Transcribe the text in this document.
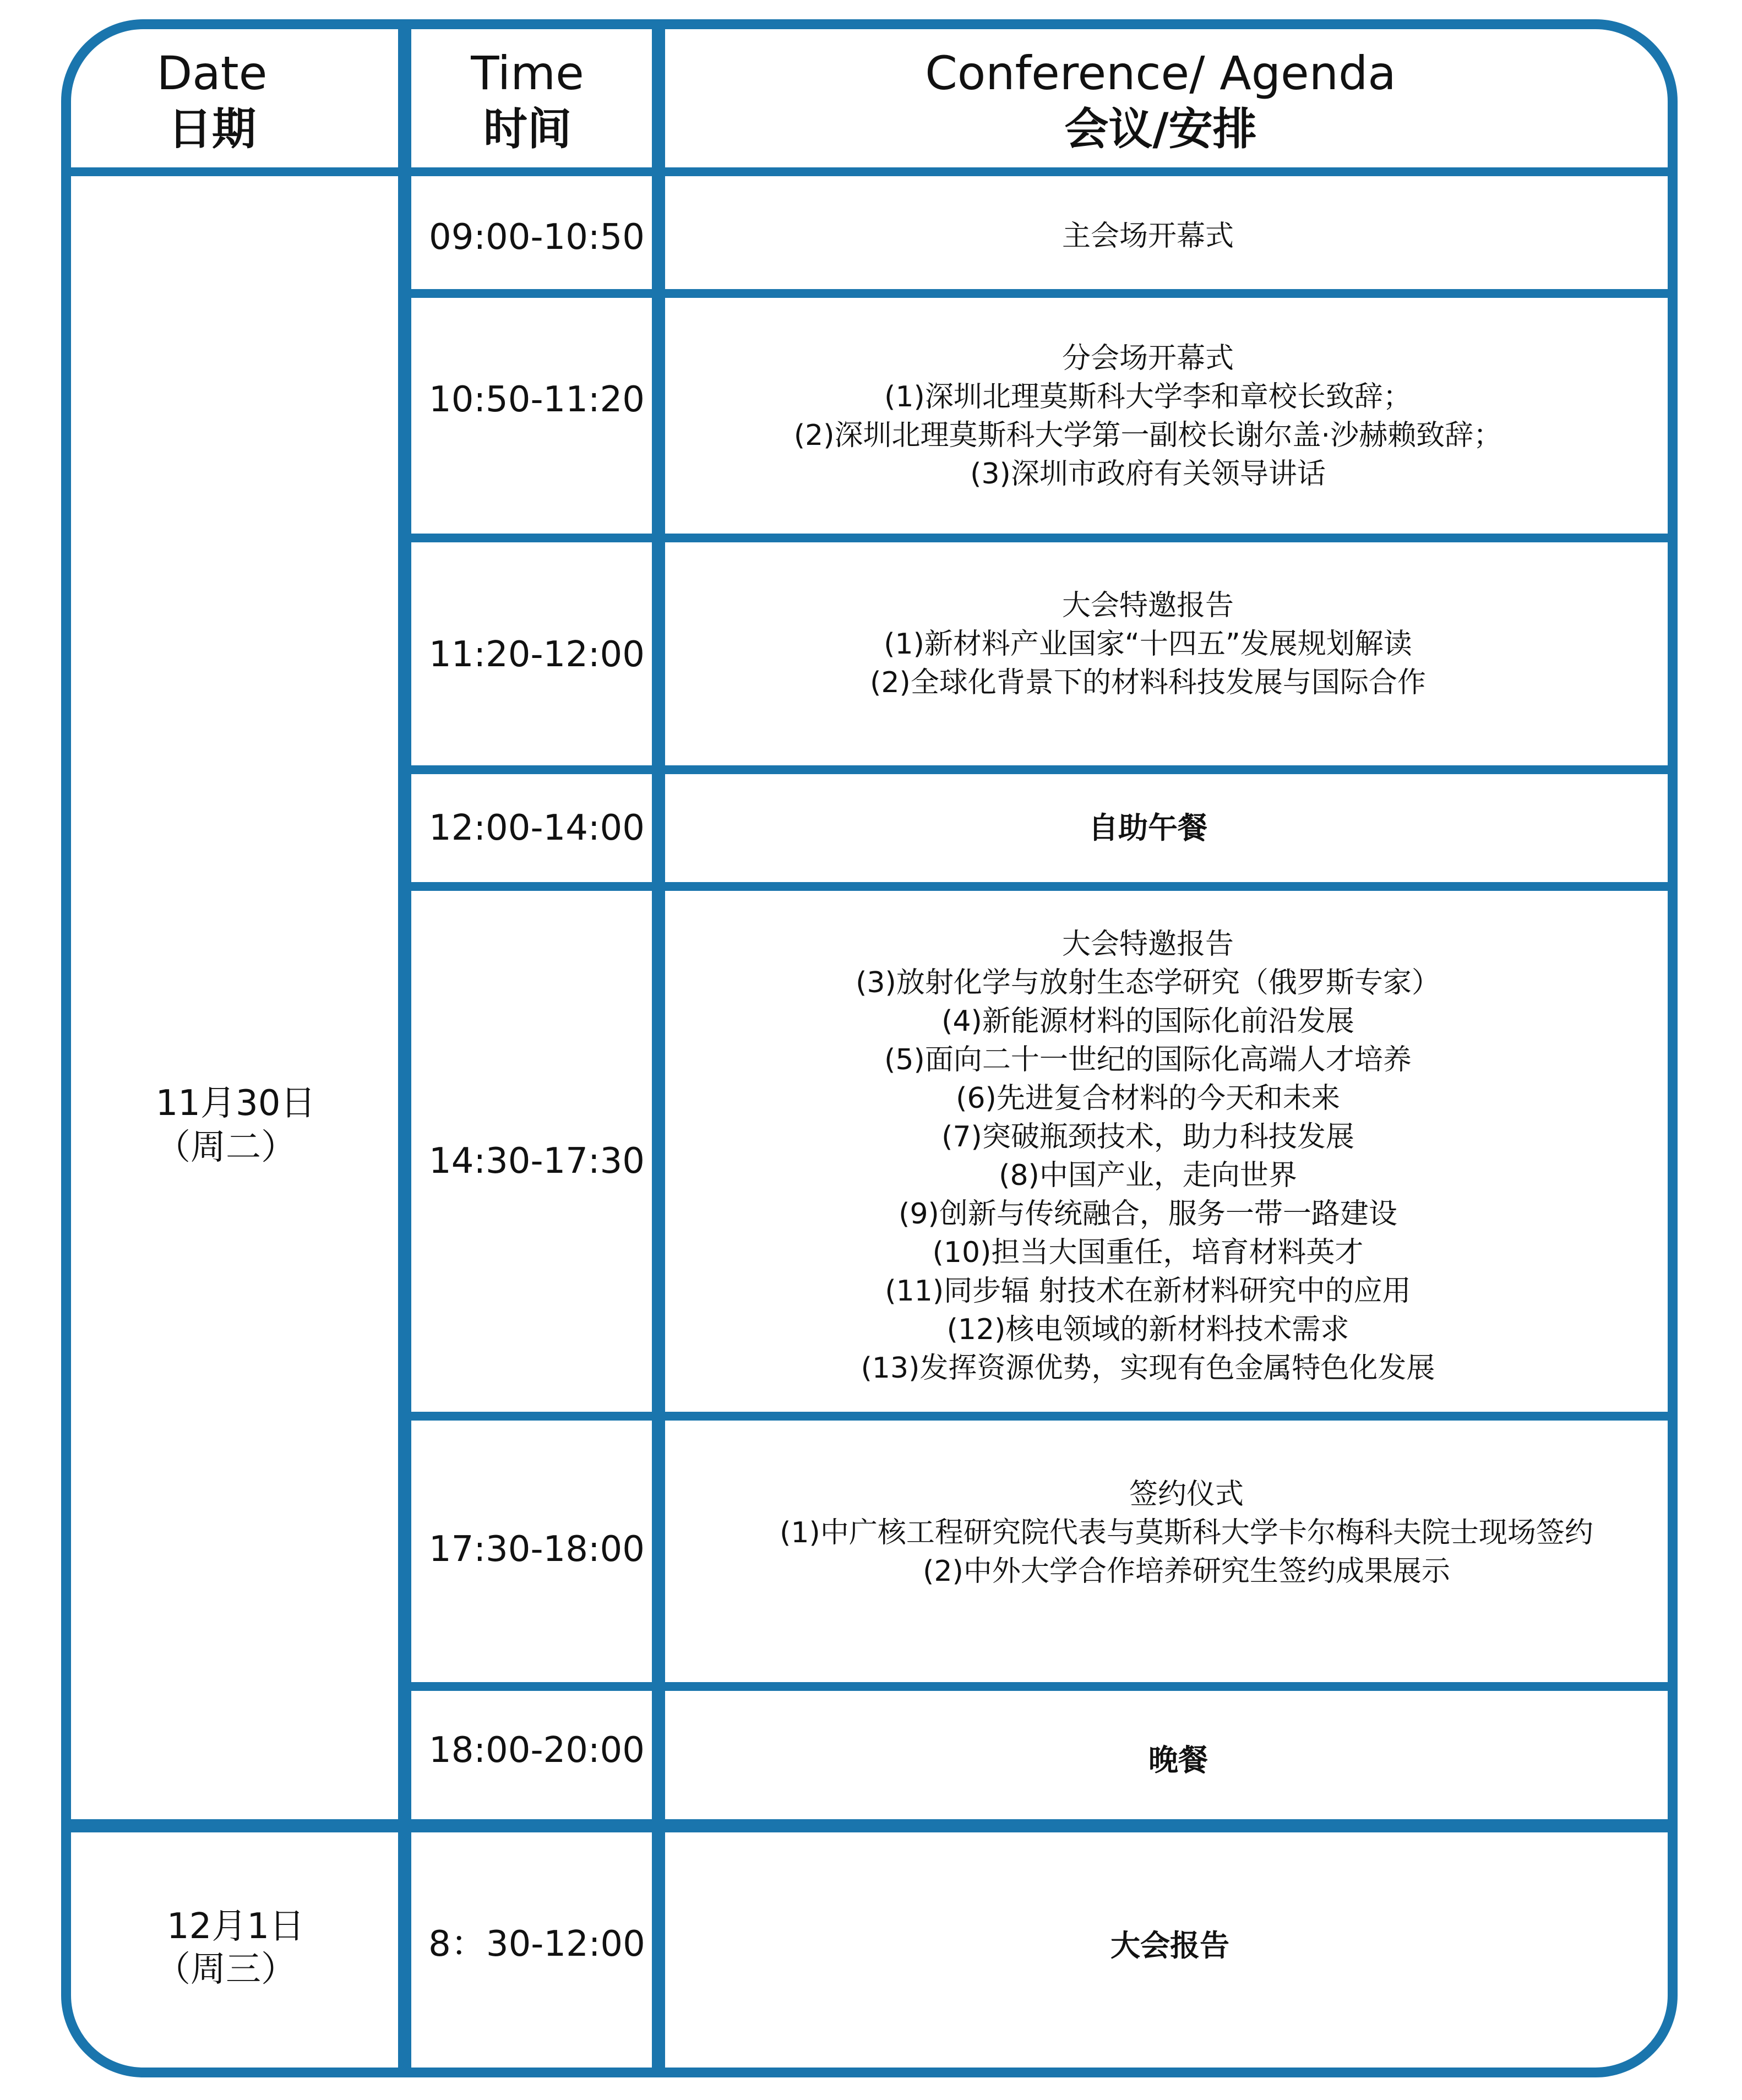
Date
日期
Time
时间
Conference/ Agenda
会议/安排
11月30日
（周二）
12月1日
（周三）
09:00-10:50
10:50-11:20
11:20-12:00
12:00-14:00
14:30-17:30
17:30-18:00
18:00-20:00
8：30-12:00
主会场开幕式
分会场开幕式
(1)深圳北理莫斯科大学李和章校长致辞；
(2)深圳北理莫斯科大学第一副校长谢尔盖·沙赫赖致辞；
(3)深圳市政府有关领导讲话
大会特邀报告
(1)新材料产业国家“十四五”发展规划解读
(2)全球化背景下的材料科技发展与国际合作
自助午餐
大会特邀报告
(3)放射化学与放射生态学研究（俄罗斯专家）
(4)新能源材料的国际化前沿发展
(5)面向二十一世纪的国际化高端人才培养
(6)先进复合材料的今天和未来
(7)突破瓶颈技术，助力科技发展
(8)中国产业，走向世界
(9)创新与传统融合，服务一带一路建设
(10)担当大国重任，培育材料英才
(11)同步辐 射技术在新材料研究中的应用
(12)核电领域的新材料技术需求
(13)发挥资源优势，实现有色金属特色化发展
签约仪式
(1)中广核工程研究院代表与莫斯科大学卡尔梅科夫院士现场签约
(2)中外大学合作培养研究生签约成果展示
晚餐
大会报告
